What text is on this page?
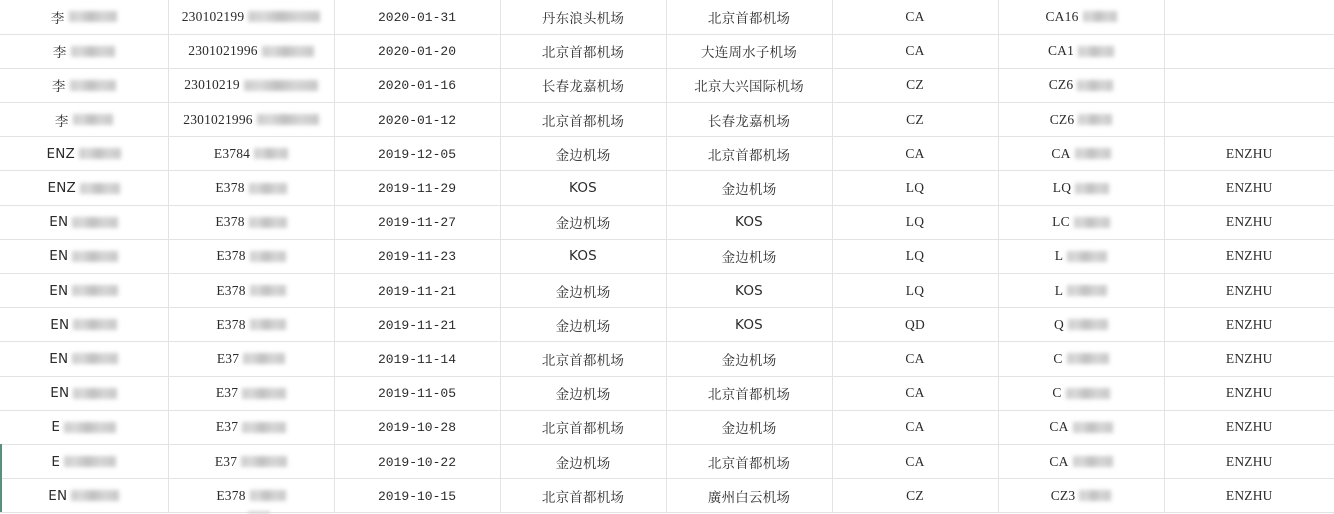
李	230102199	2020-01-31	丹东浪头机场	北京首都机场	CA	CA16	

李	2301021996	2020-01-20	北京首都机场	大连周水子机场	CA	CA1	

李	23010219	2020-01-16	长春龙嘉机场	北京大兴国际机场	CZ	CZ6	

李	2301021996	2020-01-12	北京首都机场	长春龙嘉机场	CZ	CZ6	

ENZ	E3784	2019-12-05	金边机场	北京首都机场	CA	CA	ENZHU

ENZ	E378	2019-11-29	KOS	金边机场	LQ	LQ	ENZHU

EN	E378	2019-11-27	金边机场	KOS	LQ	LC	ENZHU

EN	E378	2019-11-23	KOS	金边机场	LQ	L	ENZHU

EN	E378	2019-11-21	金边机场	KOS	LQ	L	ENZHU

EN	E378	2019-11-21	金边机场	KOS	QD	Q	ENZHU

EN	E37	2019-11-14	北京首都机场	金边机场	CA	C	ENZHU

EN	E37	2019-11-05	金边机场	北京首都机场	CA	C	ENZHU

E	E37	2019-10-28	北京首都机场	金边机场	CA	CA	ENZHU

E	E37	2019-10-22	金边机场	北京首都机场	CA	CA	ENZHU

EN	E378	2019-10-15	北京首都机场	廣州白云机场	CZ	CZ3	ENZHU
